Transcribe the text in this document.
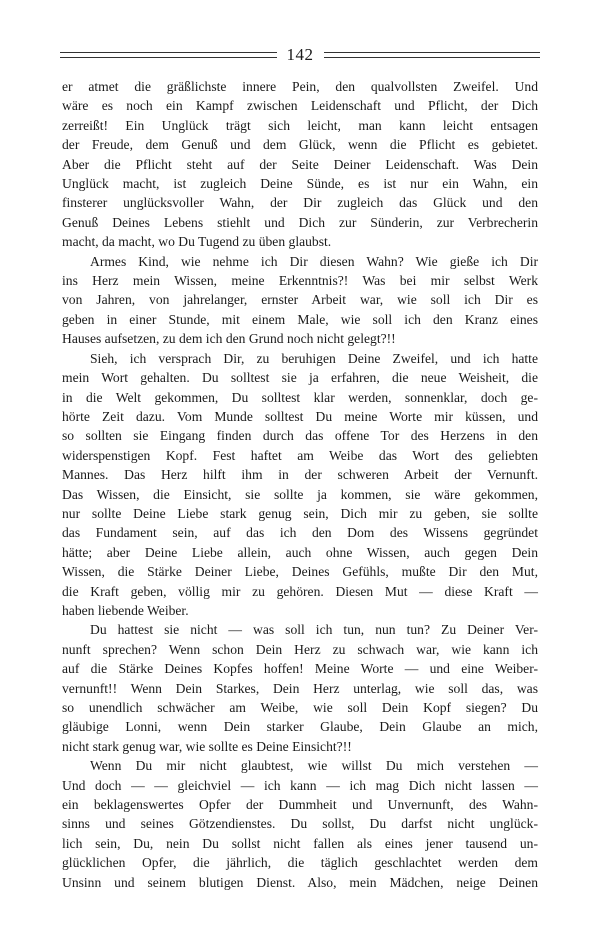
142
er atmet die gräßlichste innere Pein, den qualvollsten Zweifel. Und
wäre es noch ein Kampf zwischen Leidenschaft und Pflicht, der Dich
zerreißt! Ein Unglück trägt sich leicht, man kann leicht entsagen
der Freude, dem Genuß und dem Glück, wenn die Pflicht es gebietet.
Aber die Pflicht steht auf der Seite Deiner Leidenschaft. Was Dein
Unglück macht, ist zugleich Deine Sünde, es ist nur ein Wahn, ein
finsterer unglücksvoller Wahn, der Dir zugleich das Glück und den
Genuß Deines Lebens stiehlt und Dich zur Sünderin, zur Verbrecherin
macht, da macht, wo Du Tugend zu üben glaubst.
Armes Kind, wie nehme ich Dir diesen Wahn? Wie gieße ich Dir
ins Herz mein Wissen, meine Erkenntnis?! Was bei mir selbst Werk
von Jahren, von jahrelanger, ernster Arbeit war, wie soll ich Dir es
geben in einer Stunde, mit einem Male, wie soll ich den Kranz eines
Hauses aufsetzen, zu dem ich den Grund noch nicht gelegt?!!
Sieh, ich versprach Dir, zu beruhigen Deine Zweifel, und ich hatte
mein Wort gehalten. Du solltest sie ja erfahren, die neue Weisheit, die
in die Welt gekommen, Du solltest klar werden, sonnenklar, doch ge-
hörte Zeit dazu. Vom Munde solltest Du meine Worte mir küssen, und
so sollten sie Eingang finden durch das offene Tor des Herzens in den
widerspenstigen Kopf. Fest haftet am Weibe das Wort des geliebten
Mannes. Das Herz hilft ihm in der schweren Arbeit der Vernunft.
Das Wissen, die Einsicht, sie sollte ja kommen, sie wäre gekommen,
nur sollte Deine Liebe stark genug sein, Dich mir zu geben, sie sollte
das Fundament sein, auf das ich den Dom des Wissens gegründet
hätte; aber Deine Liebe allein, auch ohne Wissen, auch gegen Dein
Wissen, die Stärke Deiner Liebe, Deines Gefühls, mußte Dir den Mut,
die Kraft geben, völlig mir zu gehören. Diesen Mut — diese Kraft —
haben liebende Weiber.
Du hattest sie nicht — was soll ich tun, nun tun? Zu Deiner Ver-
nunft sprechen? Wenn schon Dein Herz zu schwach war, wie kann ich
auf die Stärke Deines Kopfes hoffen! Meine Worte — und eine Weiber-
vernunft!! Wenn Dein Starkes, Dein Herz unterlag, wie soll das, was
so unendlich schwächer am Weibe, wie soll Dein Kopf siegen? Du
gläubige Lonni, wenn Dein starker Glaube, Dein Glaube an mich,
nicht stark genug war, wie sollte es Deine Einsicht?!!
Wenn Du mir nicht glaubtest, wie willst Du mich verstehen —
Und doch — — gleichviel — ich kann — ich mag Dich nicht lassen —
ein beklagenswertes Opfer der Dummheit und Unvernunft, des Wahn-
sinns und seines Götzendienstes. Du sollst, Du darfst nicht unglück-
lich sein, Du, nein Du sollst nicht fallen als eines jener tausend un-
glücklichen Opfer, die jährlich, die täglich geschlachtet werden dem
Unsinn und seinem blutigen Dienst. Also, mein Mädchen, neige Deinen
